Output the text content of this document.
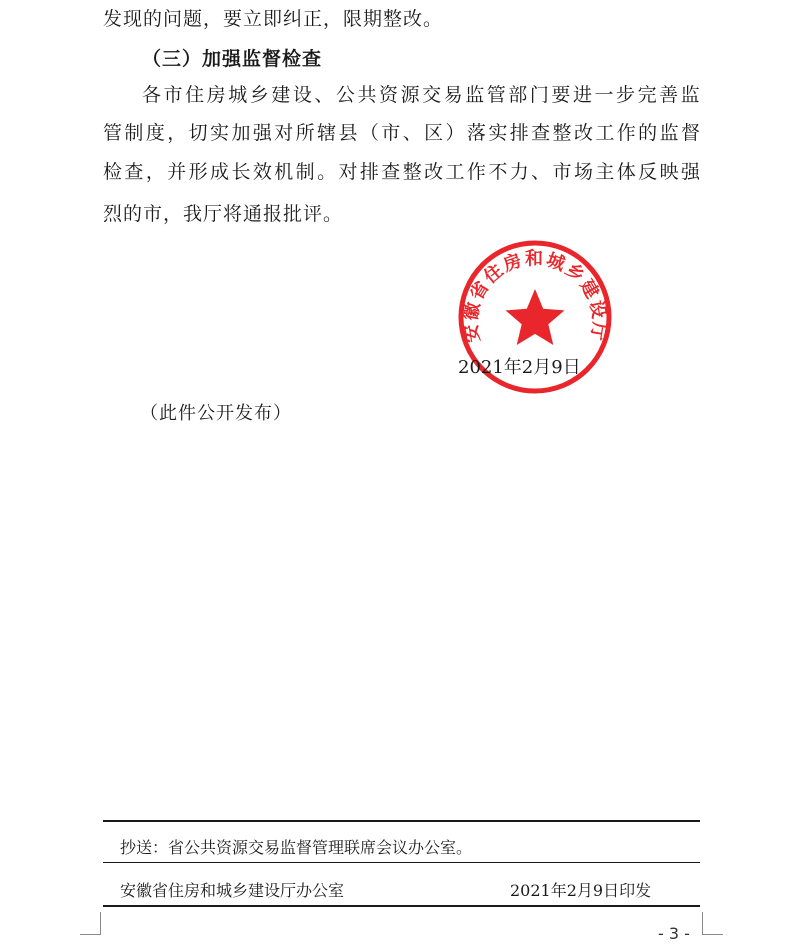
发现的问题，要立即纠正，限期整改。
（三）加强监督检查
各 市 住 房 城 乡 建 设 、 公 共 资 源 交 易 监 管 部 门 要 进 一 步 完 善 监
管 制 度 ， 切 实 加 强 对 所 辖 县 （ 市 、 区 ） 落 实 排 查 整 改 工 作 的 监 督
检 查 ， 并 形 成 长 效 机 制 。 对 排 查 整 改 工 作 不 力 、 市 场 主 体 反 映 强
烈的市，我厅将通报批评。
安徽省住房和城乡建设厅
2021年2月9日
（此件公开发布）
抄送：省公共资源交易监督管理联席会议办公室。
安徽省住房和城乡建设厅办公室	2021年2月9日印发
- 3 -
